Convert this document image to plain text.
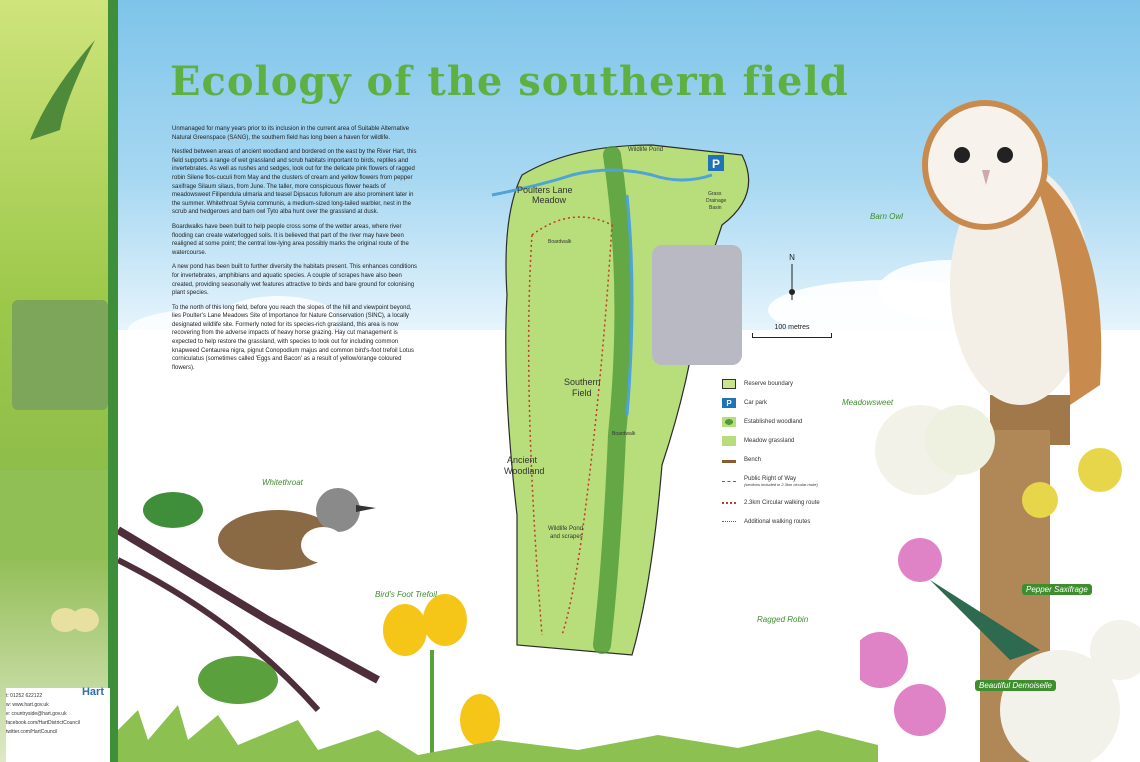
t: 01252 622122
w: www.hart.gov.uk
e: countryside@hart.gov.uk
facebook.com/HartDistrictCouncil
twitter.com/HartCouncil
Hart
Ecology of the southern field

Unmanaged for many years prior to its inclusion in the current area of Suitable Alternative Natural Greenspace (SANG), the southern field has long been a haven for wildlife.

Nestled between areas of ancient woodland and bordered on the east by the River Hart, this field supports a range of wet grassland and scrub habitats important to birds, reptiles and invertebrates. As well as rushes and sedges, look out for the delicate pink flowers of ragged robin Silene flos-cuculi from May and the clusters of cream and yellow flowers from pepper saxifrage Silaum silaus, from June. The taller, more conspicuous flower heads of meadowsweet Filipendula ulmaria and teasel Dipsacus fullonum are also prominent later in the summer. Whitethroat Sylvia communis, a medium-sized long-tailed warbler, nest in the scrub and hedgerows and barn owl Tyto alba hunt over the grassland at dusk.

Boardwalks have been built to help people cross some of the wetter areas, where river flooding can create waterlogged soils. It is believed that part of the river may have been realigned at some point; the central low-lying area possibly marks the original route of the watercourse.

A new pond has been built to further diversity the habitats present. This enhances conditions for invertebrates, amphibians and aquatic species. A couple of scrapes have also been created, providing seasonally wet features attractive to birds and bare ground for colonising plant species.

To the north of this long field, before you reach the slopes of the hill and viewpoint beyond, lies Poulter's Lane Meadows Site of Importance for Nature Conservation (SINC), a locally designated wildlife site. Formerly noted for its species-rich grassland, this area is now recovering from the adverse impacts of heavy horse grazing. Hay cut management is expected to help restore the grassland, with species to look out for including common knapweed Centaurea nigra, pignut Conopodium majus and common bird's-foot trefoil Lotus corniculatus (sometimes called 'Eggs and Bacon' as a result of yellow/orange coloured flowers).

P
Poulters Lane
Meadow
Wildlife Pond
Grass
Drainage
Basin
Boardwalk
Southern
Field
Boardwalk
Ancient
Woodland
Wildlife Pond
and scrapes
N
100 metres
Reserve boundary
P	Car park
Established woodland
Meadow grassland
Bench
Public Right of Way
(sections included in 2.3km circular route)
2.3km Circular walking route
Additional walking routes
Barn Owl
Meadowsweet
Whitethroat
Bird's Foot Trefoil
Ragged Robin
Pepper Saxifrage
Beautiful Demoiselle
